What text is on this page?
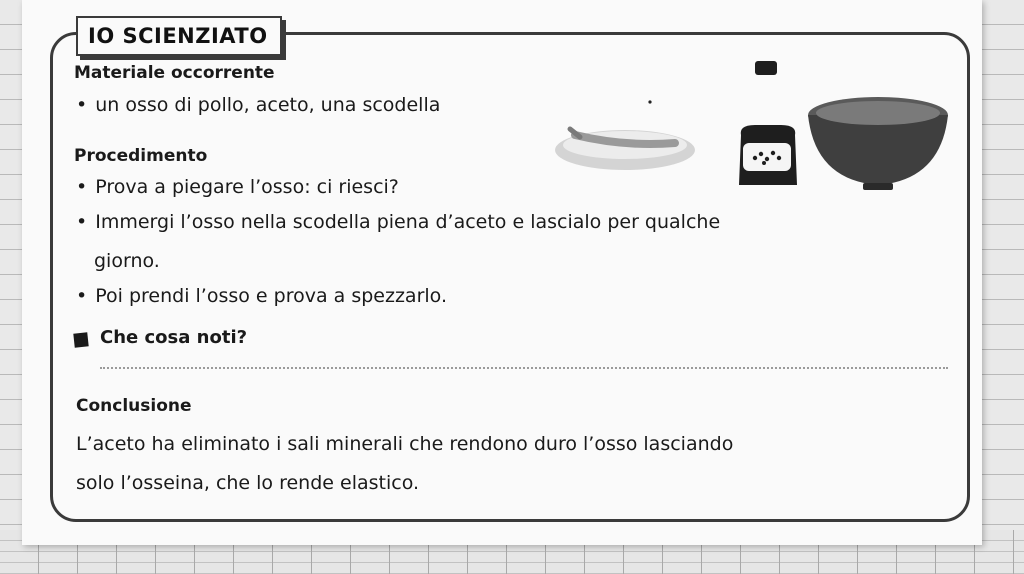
IO SCIENZIATO
Materiale occorrente
• un osso di pollo, aceto, una scodella
Procedimento
• Prova a piegare l’osso: ci riesci?
• Immergi l’osso nella scodella piena d’aceto e lascialo per qualche
giorno.
• Poi prendi l’osso e prova a spezzarlo.
Che cosa noti?
Conclusione
L’aceto ha eliminato i sali minerali che rendono duro l’osso lasciando
solo l’osseina, che lo rende elastico.
